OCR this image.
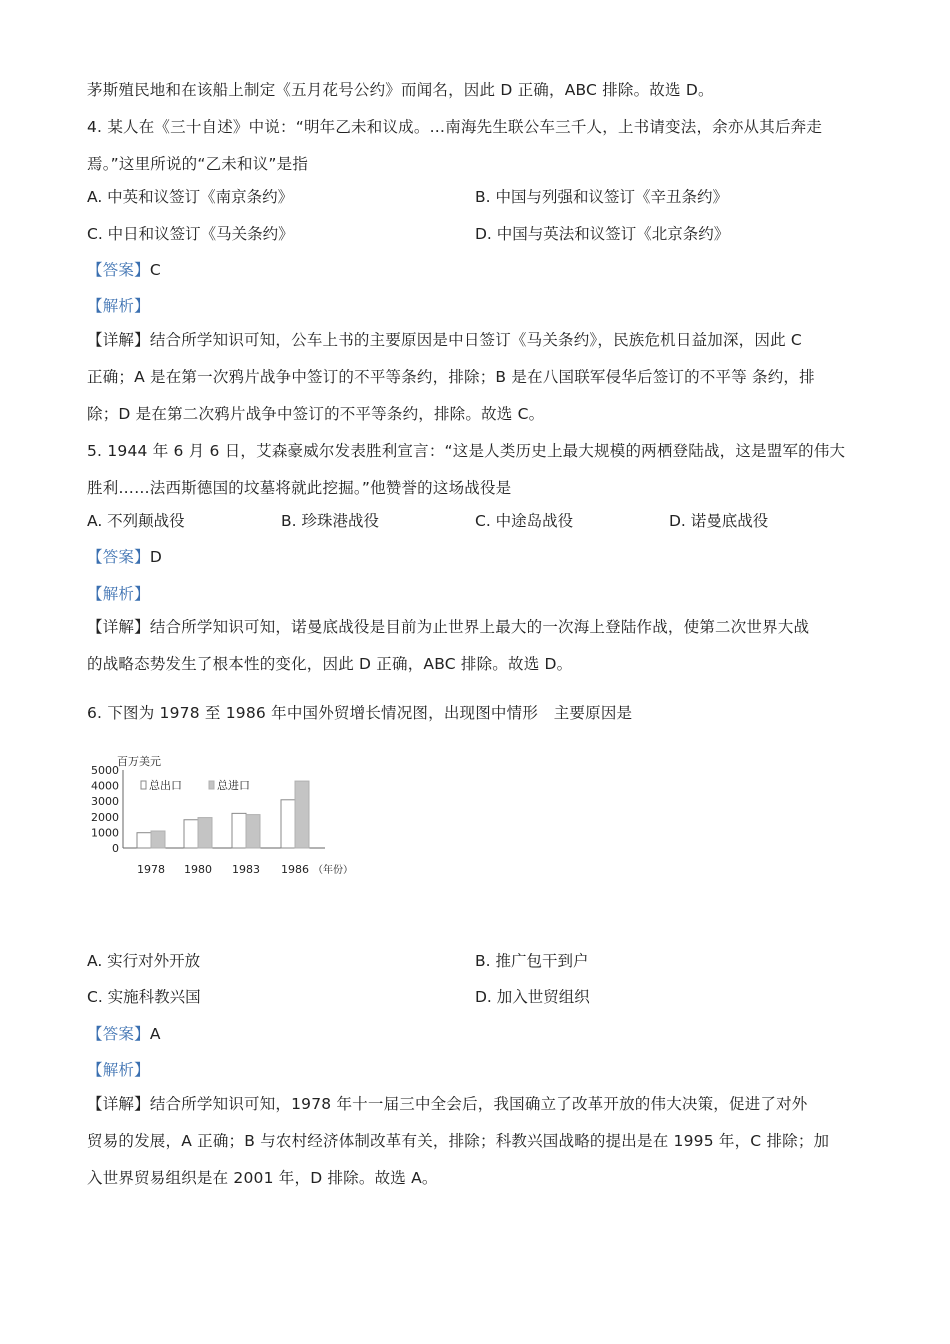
茅斯殖民地和在该船上制定《五月花号公约》而闻名，因此 D 正确，ABC 排除。故选 D。
4. 某人在《三十自述》中说：“明年乙未和议成。…南海先生联公车三千人，上书请变法，余亦从其后奔走
焉。”这里所说的“乙未和议”是指
A. 中英和议签订《南京条约》	B. 中国与列强和议签订《辛丑条约》
C. 中日和议签订《马关条约》	D. 中国与英法和议签订《北京条约》
【答案】C
【解析】
【详解】结合所学知识可知，公车上书的主要原因是中日签订《马关条约》，民族危机日益加深，因此 C
正确；A 是在第一次鸦片战争中签订的不平等条约，排除；B 是在八国联军侵华后签订的不平等 条约，排
除；D 是在第二次鸦片战争中签订的不平等条约，排除。故选 C。
5. 1944 年 6 月 6 日，艾森豪威尔发表胜利宣言：“这是人类历史上最大规模的两栖登陆战，这是盟军的伟大
胜利……法西斯德国的坟墓将就此挖掘。”他赞誉的这场战役是
A. 不列颠战役	B. 珍珠港战役	C. 中途岛战役	D. 诺曼底战役
【答案】D
【解析】
【详解】结合所学知识可知，诺曼底战役是目前为止世界上最大的一次海上登陆作战，使第二次世界大战
的战略态势发生了根本性的变化，因此 D 正确，ABC 排除。故选 D。
6. 下图为 1978 至 1986 年中国外贸增长情况图，出现图中情形　主要原因是
百万美元
0
1000
2000
3000
4000
5000
1978 1980 1983 1986 （年份）
总出口	总进口
A. 实行对外开放	B. 推广包干到户
C. 实施科教兴国	D. 加入世贸组织
【答案】A
【解析】
【详解】结合所学知识可知，1978 年十一届三中全会后，我国确立了改革开放的伟大决策，促进了对外
贸易的发展，A 正确；B 与农村经济体制改革有关，排除；科教兴国战略的提出是在 1995 年，C 排除；加
入世界贸易组织是在 2001 年，D 排除。故选 A。
